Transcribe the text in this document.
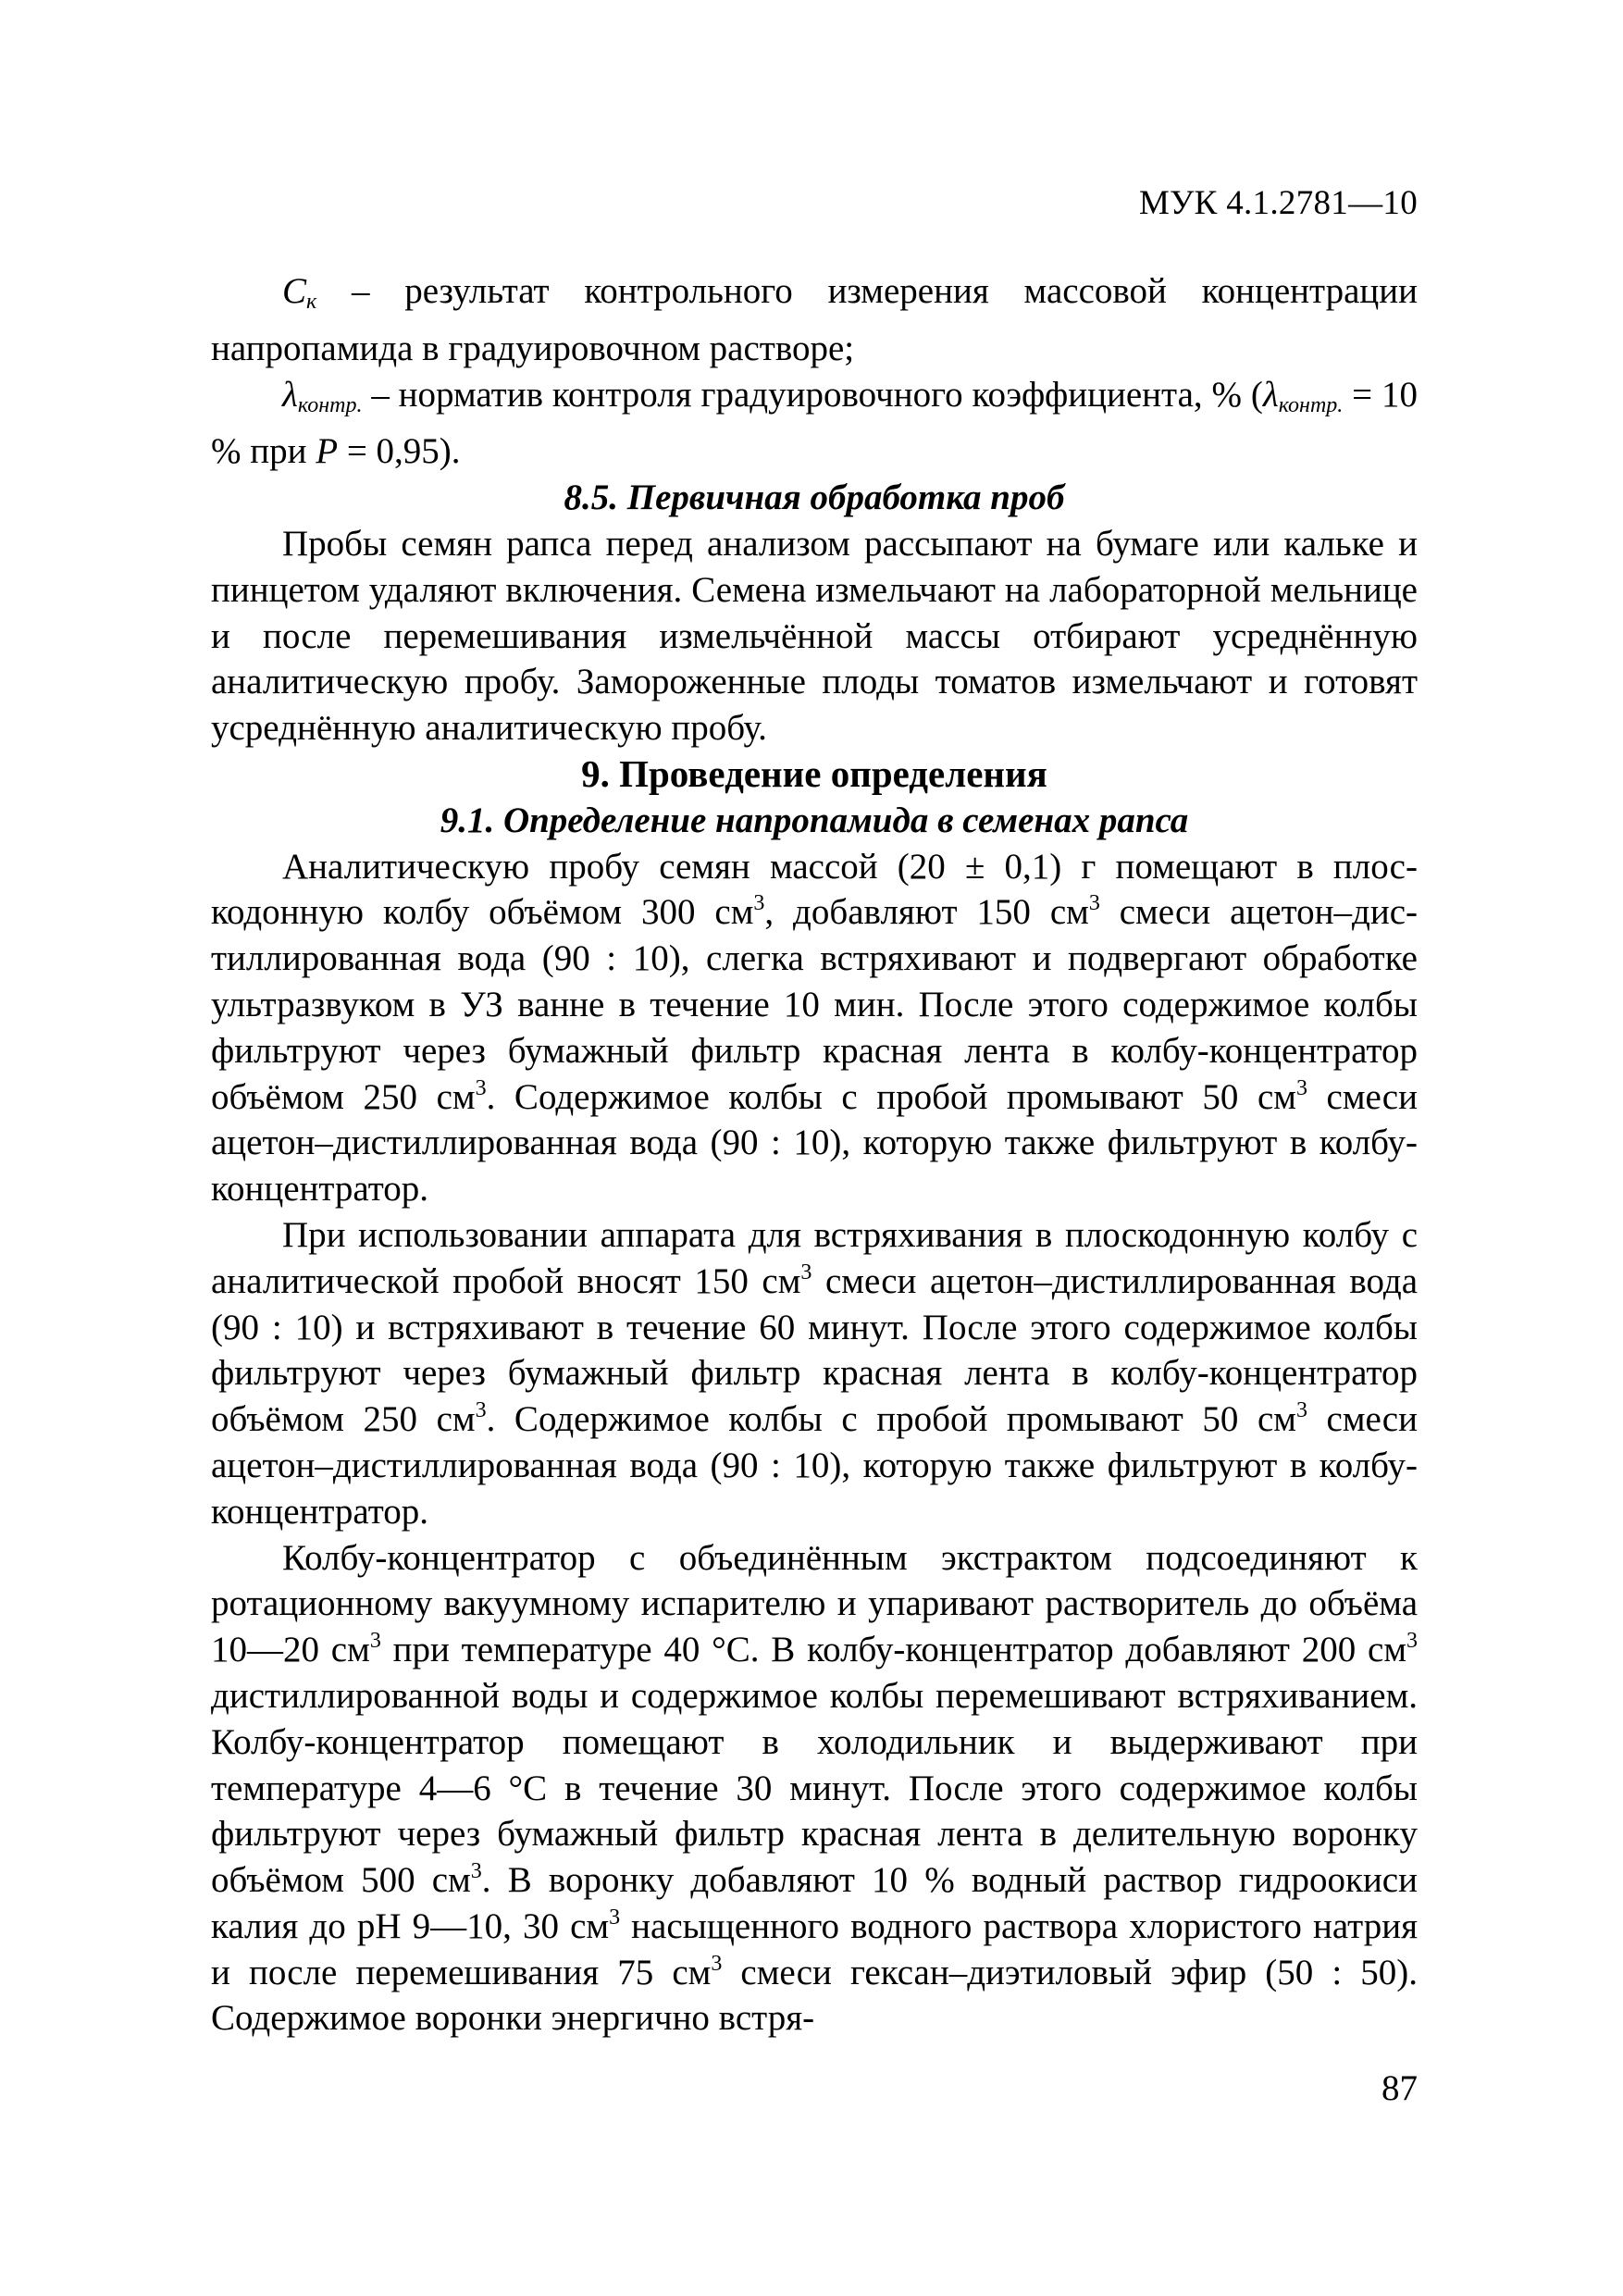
МУК 4.1.2781—10

$C_к$ – результат контрольного измерения массовой концентрации напропамида в градуировочном растворе;

$\lambda_{контр.}$ – норматив контроля градуировочного коэффициента, % ($\lambda_{контр.} = 10$ % при P = 0,95).

8.5. Первичная обработка проб

Пробы семян рапса перед анализом рассыпают на бумаге или кальке и пинцетом удаляют включения. Семена измельчают на лабораторной мельнице и после перемешивания измельчённой массы отбирают усреднённую аналитическую пробу. Замороженные плоды томатов измельчают и готовят усреднённую аналитическую пробу.

9. Проведение определения

9.1. Определение напропамида в семенах рапса

Аналитическую пробу семян массой (20 ± 0,1) г помещают в плоскодонную колбу объёмом 300 $см^3$, добавляют 150 $см^3$ смеси ацетон–дистиллированная вода (90 : 10), слегка встряхивают и подвергают обработке ультразвуком в УЗ ванне в течение 10 мин. После этого содержимое колбы фильтруют через бумажный фильтр красная лента в колбу-концентратор объёмом 250 $см^3$. Содержимое колбы с пробой промывают 50 $см^3$ смеси ацетон–дистиллированная вода (90 : 10), которую также фильтруют в колбу-концентратор.

При использовании аппарата для встряхивания в плоскодонную колбу с аналитической пробой вносят 150 $см^3$ смеси ацетон–дистиллированная вода (90 : 10) и встряхивают в течение 60 минут. После этого содержимое колбы фильтруют через бумажный фильтр красная лента в колбу-концентратор объёмом 250 $см^3$. Содержимое колбы с пробой промывают 50 $см^3$ смеси ацетон–дистиллированная вода (90 : 10), которую также фильтруют в колбу-концентратор.

Колбу-концентратор с объединённым экстрактом подсоединяют к ротационному вакуумному испарителю и упаривают растворитель до объёма 10—20 $см^3$ при температуре 40 °С. В колбу-концентратор добавляют 200 $см^3$ дистиллированной воды и содержимое колбы перемешивают встряхиванием. Колбу-концентратор помещают в холодильник и выдерживают при температуре 4—6 °С в течение 30 минут. После этого содержимое колбы фильтруют через бумажный фильтр красная лента в делительную воронку объёмом 500 $см^3$. В воронку добавляют 10 % водный раствор гидроокиси калия до рН 9—10, 30 $см^3$ насыщенного водного раствора хлористого натрия и после перемешивания 75 $см^3$ смеси гексан–диэтиловый эфир (50 : 50). Содержимое воронки энергично встря-

87
